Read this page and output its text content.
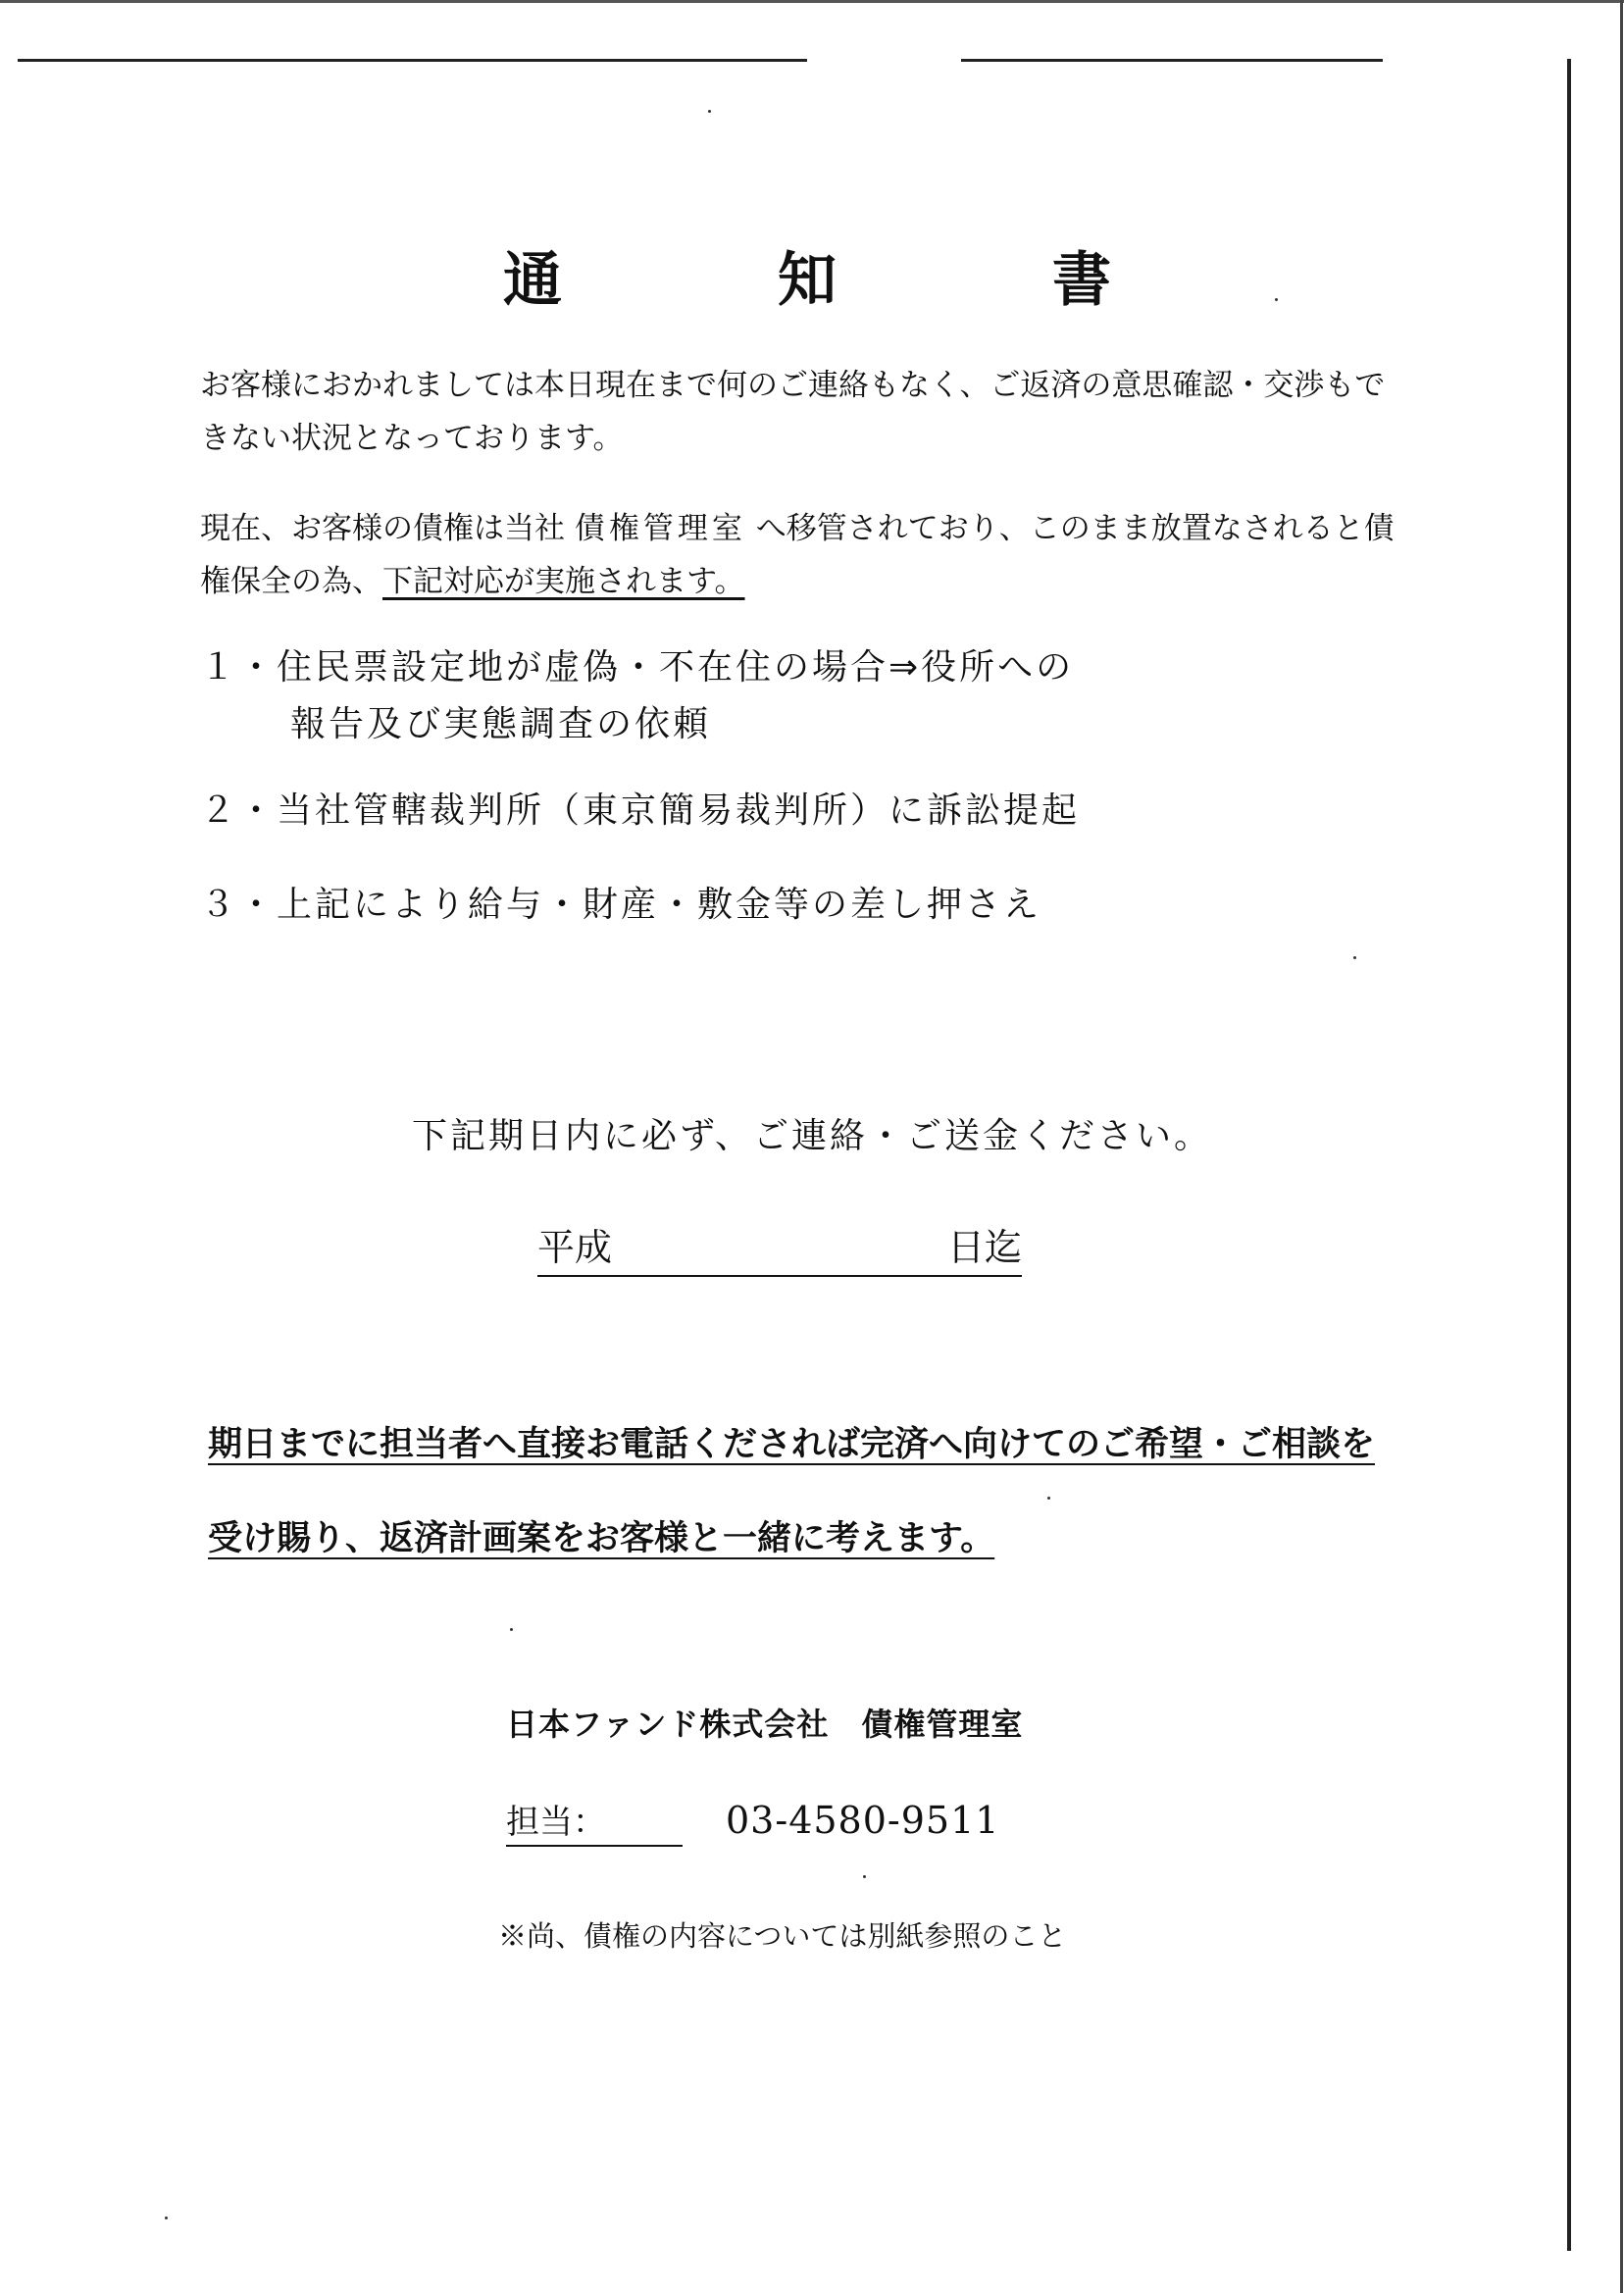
通　知　書
お客様におかれましては本日現在まで何のご連絡もなく、ご返済の意思確認・交渉もできない状況となっております。
現在、お客様の債権は当社 債権管理室 へ移管されており、このまま放置なされると債権保全の為、下記対応が実施されます。
１・住民票設定地が虚偽・不在住の場合⇒役所への
報告及び実態調査の依頼
２・当社管轄裁判所（東京簡易裁判所）に訴訟提起
３・上記により給与・財産・敷金等の差し押さえ
下記期日内に必ず、ご連絡・ご送金ください。
平成	日迄

期日までに担当者へ直接お電話くだされば完済へ向けてのご希望・ご相談を
受け賜り、返済計画案をお客様と一緒に考えます。
日本ファンド株式会社　債権管理室
担当：	03-4580-9511
※尚、債権の内容については別紙参照のこと
